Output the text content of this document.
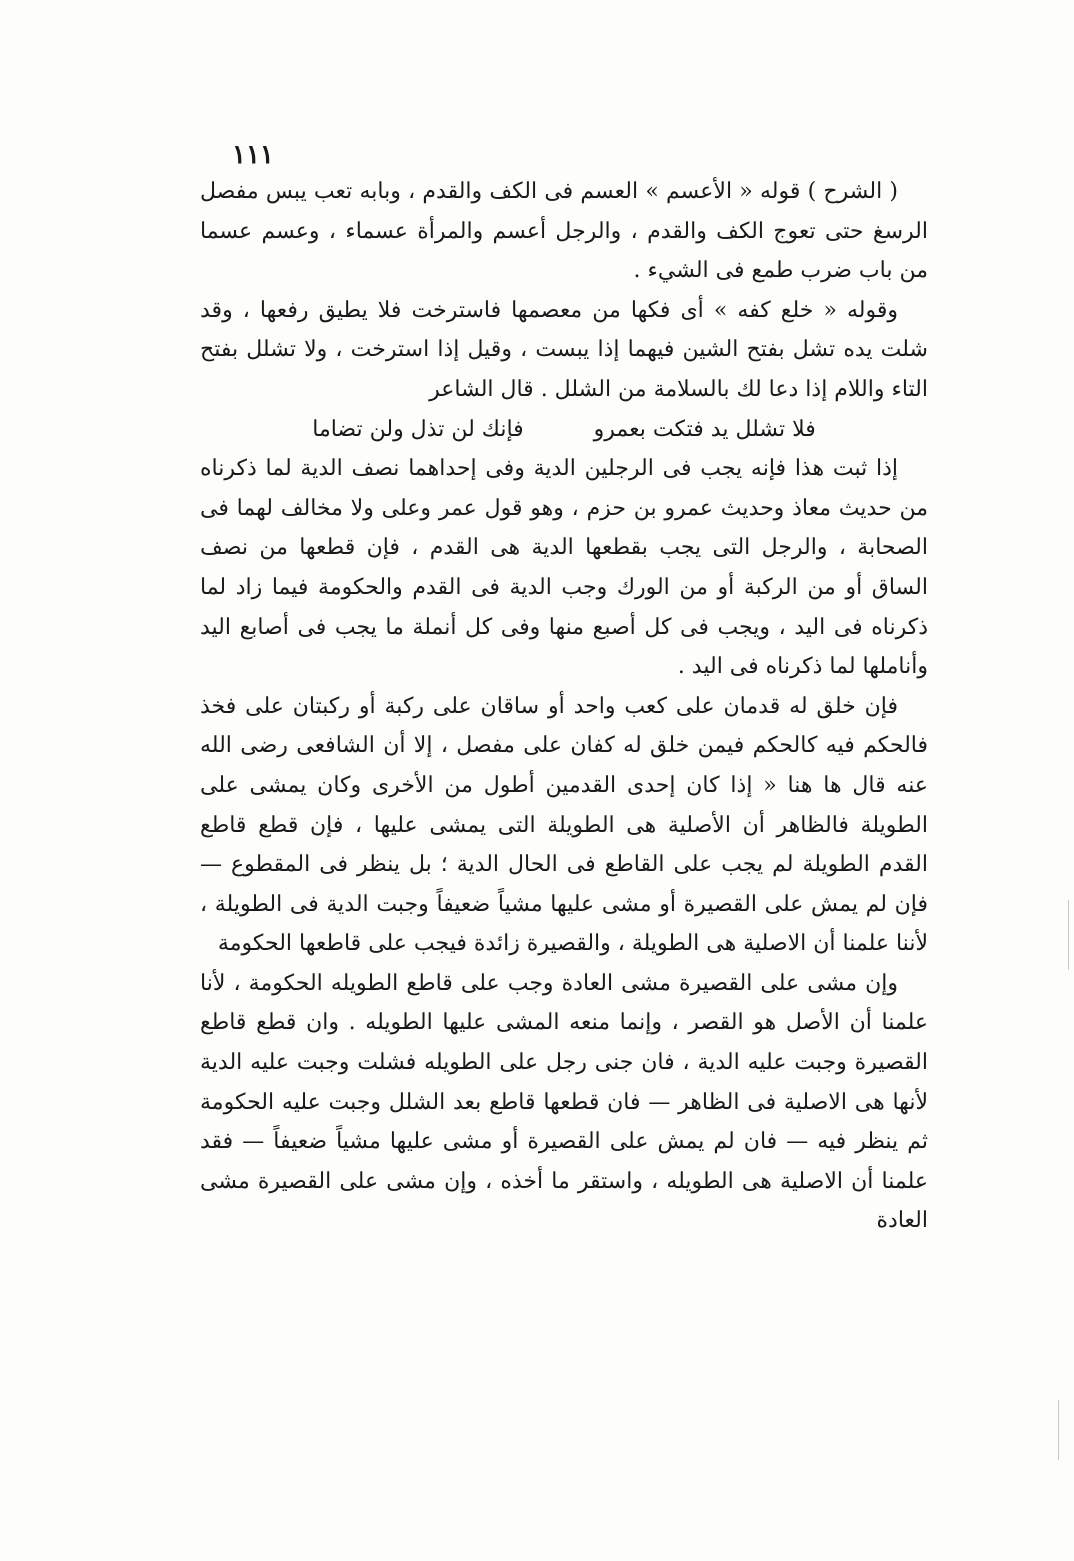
١١١

( الشرح ) قوله « الأعسم » العسم فى الكف والقدم ، وبابه تعب يبس مفصل الرسغ حتى تعوج الكف والقدم ، والرجل أعسم والمرأة عسماء ، وعسم عسما من باب ضرب طمع فى الشيء .

وقوله « خلع كفه » أى فكها من معصمها فاسترخت فلا يطيق رفعها ، وقد شلت يده تشل بفتح الشين فيهما إذا يبست ، وقيل إذا استرخت ، ولا تشلل بفتح التاء واللام إذا دعا لك بالسلامة من الشلل . قال الشاعر

فلا تشلل يد فتكت بعمرو
فإنك لن تذل ولن تضاما

إذا ثبت هذا فإنه يجب فى الرجلين الدية وفى إحداهما نصف الدية لما ذكرناه من حديث معاذ وحديث عمرو بن حزم ، وهو قول عمر وعلى ولا مخالف لهما فى الصحابة ، والرجل التى يجب بقطعها الدية هى القدم ، فإن قطعها من نصف الساق أو من الركبة أو من الورك وجب الدية فى القدم والحكومة فيما زاد لما ذكرناه فى اليد ، ويجب فى كل أصبع منها وفى كل أنملة ما يجب فى أصابع اليد وأناملها لما ذكرناه فى اليد .

فإن خلق له قدمان على كعب واحد أو ساقان على ركبة أو ركبتان على فخذ فالحكم فيه كالحكم فيمن خلق له كفان على مفصل ، إلا أن الشافعى رضى الله عنه قال ها هنا « إذا كان إحدى القدمين أطول من الأخرى وكان يمشى على الطويلة فالظاهر أن الأصلية هى الطويلة التى يمشى عليها ، فإن قطع قاطع القدم الطويلة لم يجب على القاطع فى الحال الدية ؛ بل ينظر فى المقطوع — فإن لم يمش على القصيرة أو مشى عليها مشياً ضعيفاً وجبت الدية فى الطويلة ، لأننا علمنا أن الاصلية هى الطويلة ، والقصيرة زائدة فيجب على قاطعها الحكومة

وإن مشى على القصيرة مشى العادة وجب على قاطع الطويله الحكومة ، لأنا علمنا أن الأصل هو القصر ، وإنما منعه المشى عليها الطويله . وان قطع قاطع القصيرة وجبت عليه الدية ، فان جنى رجل على الطويله فشلت وجبت عليه الدية لأنها هى الاصلية فى الظاهر — فان قطعها قاطع بعد الشلل وجبت عليه الحكومة ثم ينظر فيه — فان لم يمش على القصيرة أو مشى عليها مشياً ضعيفاً — فقد علمنا أن الاصلية هى الطويله ، واستقر ما أخذه ، وإن مشى على القصيرة مشى العادة
